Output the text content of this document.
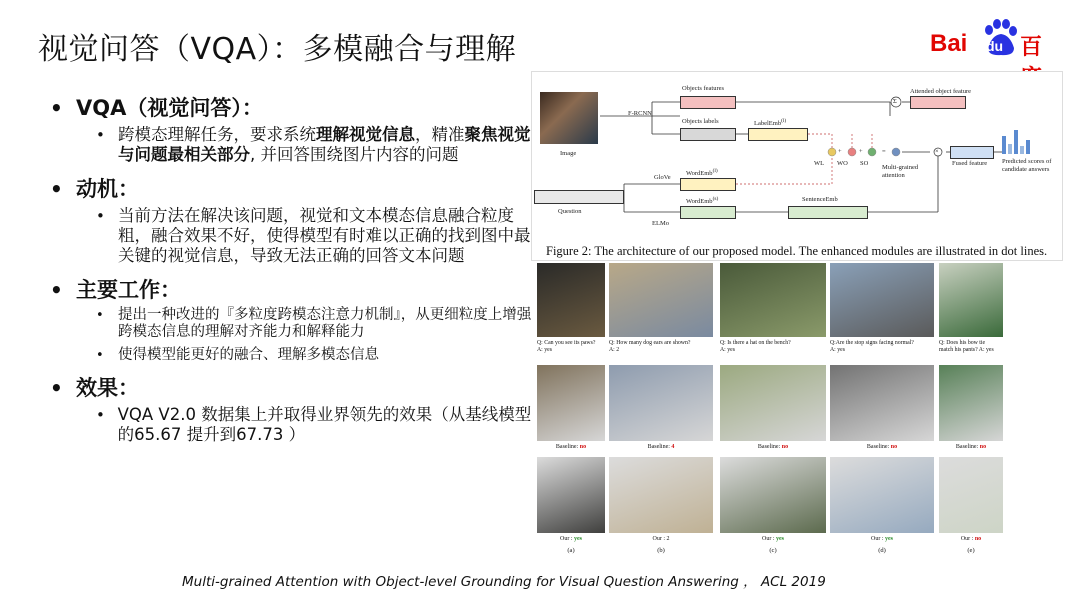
视觉问答（VQA）：多模融合与理解	Bai du 百
• VQA（视觉问答）：
• 跨模态理解任务，要求系统理解视觉信息，精准聚焦视觉与问题最相关部分, 并回答围绕图片内容的问题
• 动机：
• 当前方法在解决该问题，视觉和文本模态信息融合粒度粗，融合效果不好，使得模型有时难以正确的找到图中最关键的视觉信息，导致无法正确的回答文本问题
• 主要工作：
• 提出一种改进的『多粒度跨模态注意力机制』，从更细粒度上增强跨模态信息的理解对齐能力和解释能力
• 使得模型能更好的融合、理解多模态信息
• 效果：
• VQA V2.0 数据集上并取得业界领先的效果（从基线模型的65.67 提升到67.73 ）
Image
F-RCNN
Objects features
Objects labels	LabelEmb$^{(l)}$
Question
GloVe
ELMo
WordEmb$^{(l)}$
WordEmb$^{(s)}$	SentenceEmb
WL WO SO
+	+	=
Σ
×
Multi-grained
attention
Attended object feature
Fused feature Predicted scores of
candidate answers
Figure 2: The architecture of our proposed model. The enhanced modules are illustrated in dot lines.
Q: Can you see its paws?
A: yes
Baseline: no
Our : yes
(a)
Q: How many dog ears are shown?
A: 2
Baseline: 4
Our : 2
(b)
Q: Is there a hat on the bench?
A: yes
Baseline: no
Our : yes
(c)
Q:Are the stop signs facing normal?
A: yes
Baseline: no
Our : yes
(d)
Q: Does his bow tie
match his pants? A: yes
Baseline: no
Our : no
(e)
Multi-grained Attention with Object-level Grounding for Visual Question Answering ， ACL 2019
